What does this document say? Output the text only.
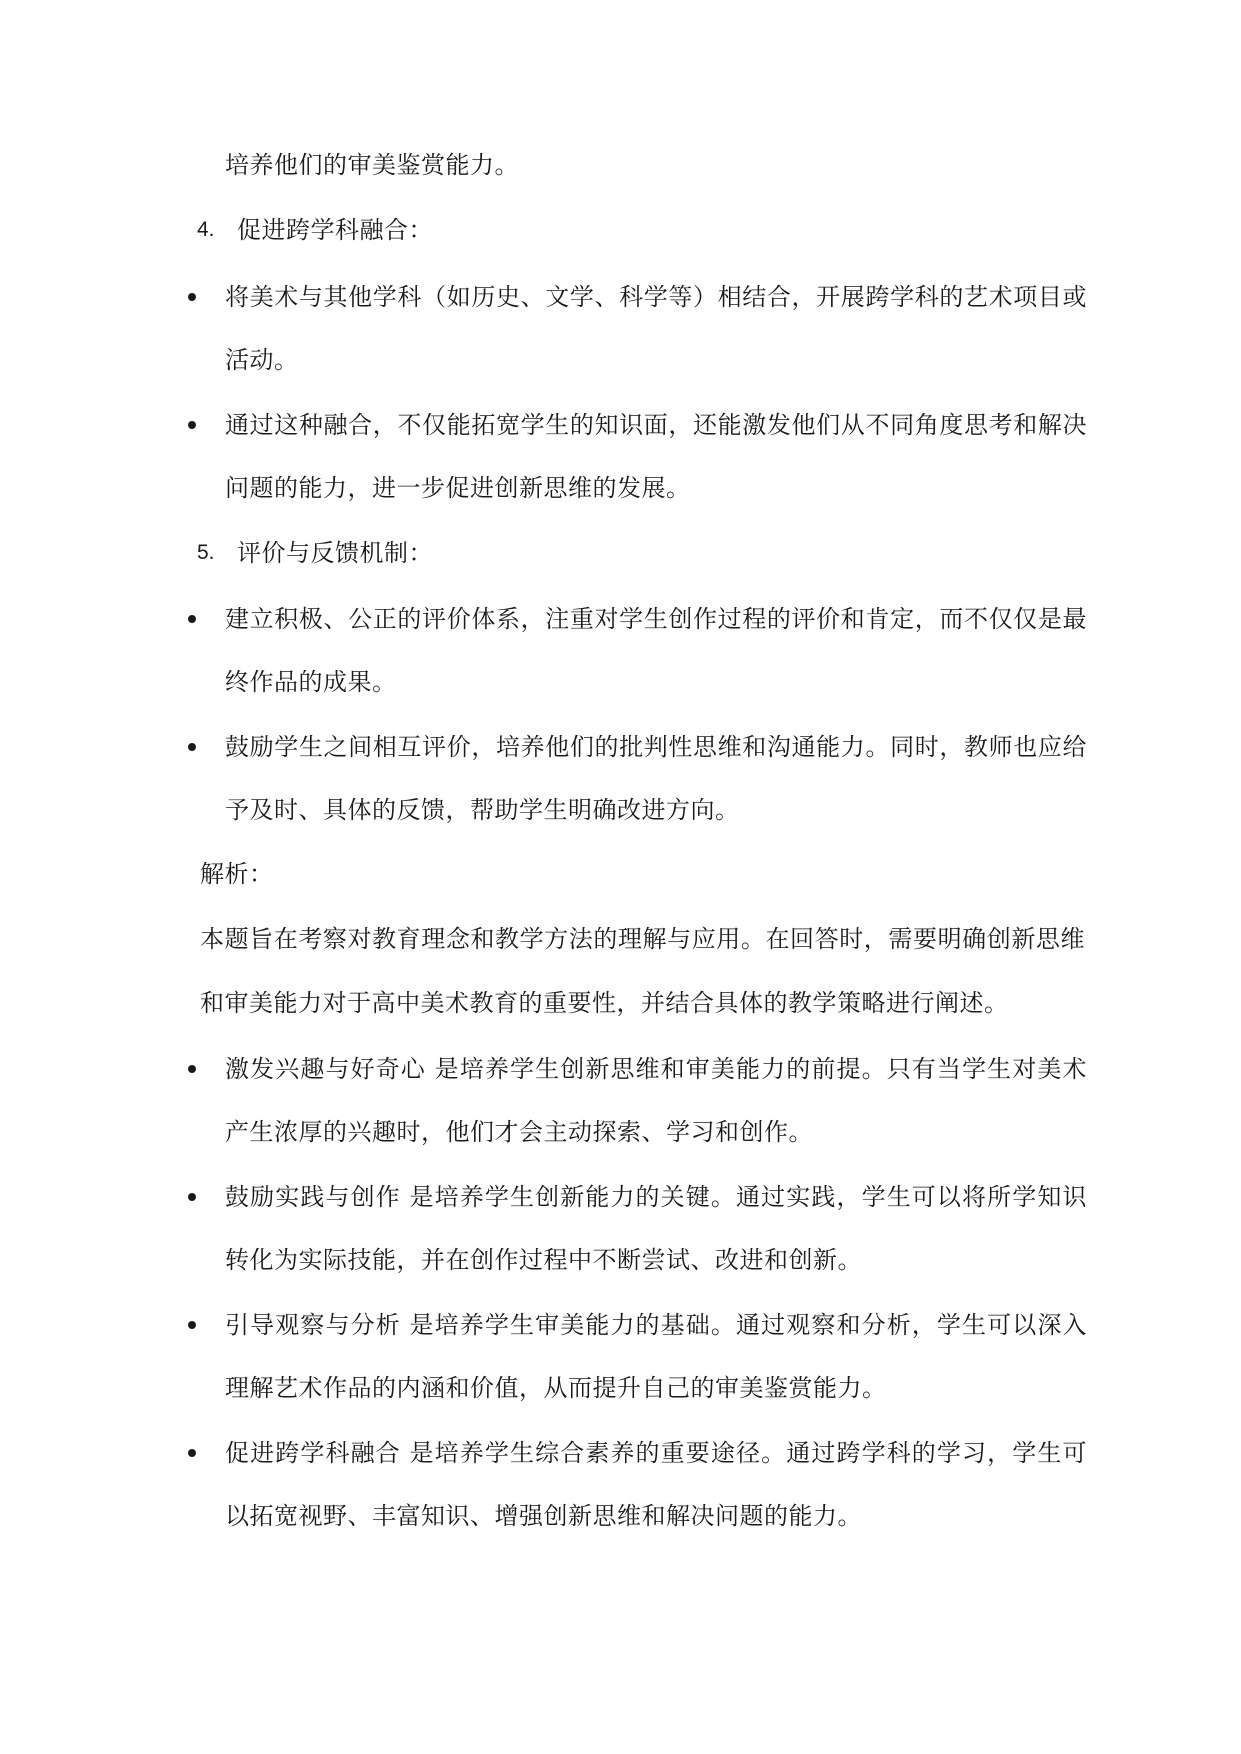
培养他们的审美鉴赏能力。
4. 促进跨学科融合：
将美术与其他学科（如历史、文学、科学等）相结合，开展跨学科的艺术项目或
活动。
通过这种融合，不仅能拓宽学生的知识面，还能激发他们从不同角度思考和解决
问题的能力，进一步促进创新思维的发展。
5. 评价与反馈机制：
建立积极、公正的评价体系，注重对学生创作过程的评价和肯定，而不仅仅是最
终作品的成果。
鼓励学生之间相互评价，培养他们的批判性思维和沟通能力。同时，教师也应给
予及时、具体的反馈，帮助学生明确改进方向。
解析：
本题旨在考察对教育理念和教学方法的理解与应用。在回答时，需要明确创新思维
和审美能力对于高中美术教育的重要性，并结合具体的教学策略进行阐述。
激发兴趣与好奇心 是培养学生创新思维和审美能力的前提。只有当学生对美术
产生浓厚的兴趣时，他们才会主动探索、学习和创作。
鼓励实践与创作 是培养学生创新能力的关键。通过实践，学生可以将所学知识
转化为实际技能，并在创作过程中不断尝试、改进和创新。
引导观察与分析 是培养学生审美能力的基础。通过观察和分析，学生可以深入
理解艺术作品的内涵和价值，从而提升自己的审美鉴赏能力。
促进跨学科融合 是培养学生综合素养的重要途径。通过跨学科的学习，学生可
以拓宽视野、丰富知识、增强创新思维和解决问题的能力。
